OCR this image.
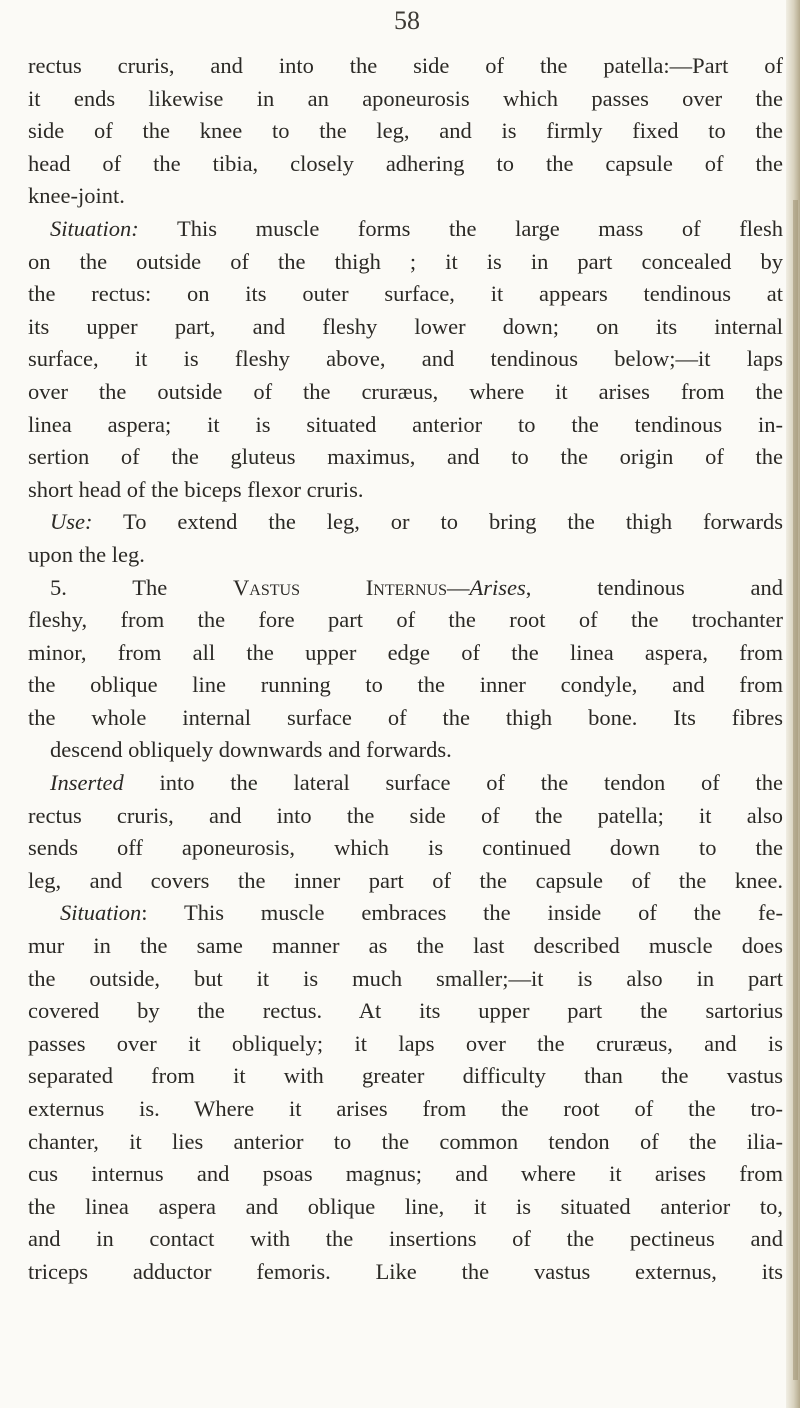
58
rectus cruris, and into the side of the patella:—Part of
it ends likewise in an aponeurosis which passes over the
side of the knee to the leg, and is firmly fixed to the
head of the tibia, closely adhering to the capsule of the
knee-joint.
Situation: This muscle forms the large mass of flesh
on the outside of the thigh ; it is in part concealed by
the rectus: on its outer surface, it appears tendinous at
its upper part, and fleshy lower down; on its internal
surface, it is fleshy above, and tendinous below;—it laps
over the outside of the cruræus, where it arises from the
linea aspera; it is situated anterior to the tendinous in-
sertion of the gluteus maximus, and to the origin of the
short head of the biceps flexor cruris.
Use: To extend the leg, or to bring the thigh forwards
upon the leg.
5. The Vastus Internus—Arises, tendinous and
fleshy, from the fore part of the root of the trochanter
minor, from all the upper edge of the linea aspera, from
the oblique line running to the inner condyle, and from
the whole internal surface of the thigh bone. Its fibres
descend obliquely downwards and forwards.
Inserted into the lateral surface of the tendon of the
rectus cruris, and into the side of the patella; it also
sends off aponeurosis, which is continued down to the
leg, and covers the inner part of the capsule of the knee.
Situation: This muscle embraces the inside of the fe-
mur in the same manner as the last described muscle does
the outside, but it is much smaller;—it is also in part
covered by the rectus. At its upper part the sartorius
passes over it obliquely; it laps over the cruræus, and is
separated from it with greater difficulty than the vastus
externus is. Where it arises from the root of the tro-
chanter, it lies anterior to the common tendon of the ilia-
cus internus and psoas magnus; and where it arises from
the linea aspera and oblique line, it is situated anterior to,
and in contact with the insertions of the pectineus and
triceps adductor femoris. Like the vastus externus, its
